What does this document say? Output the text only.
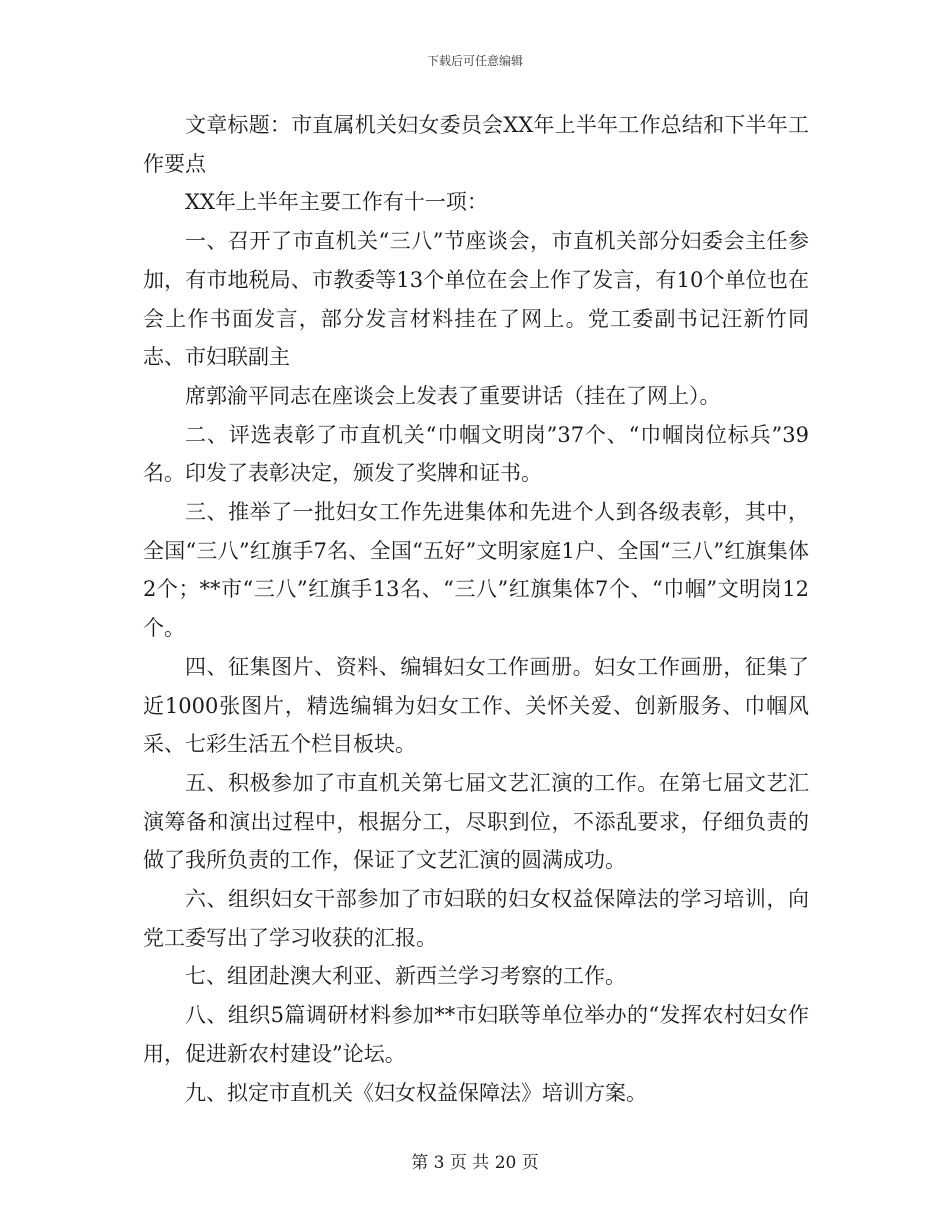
下载后可任意编辑

文章标题：市直属机关妇女委员会XX年上半年工作总结和下半年工作要点

XX年上半年主要工作有十一项：

一、召开了市直机关“三八”节座谈会，市直机关部分妇委会主任参加，有市地税局、市教委等13个单位在会上作了发言，有10个单位也在会上作书面发言，部分发言材料挂在了网上。党工委副书记汪新竹同志、市妇联副主

席郭渝平同志在座谈会上发表了重要讲话（挂在了网上）。

二、评选表彰了市直机关“巾帼文明岗”37个、“巾帼岗位标兵”39名。印发了表彰决定，颁发了奖牌和证书。

三、推举了一批妇女工作先进集体和先进个人到各级表彰，其中，全国“三八”红旗手7名、全国“五好”文明家庭1户、全国“三八”红旗集体2个；**市“三八”红旗手13名、“三八”红旗集体7个、“巾帼”文明岗12个。

四、征集图片、资料、编辑妇女工作画册。妇女工作画册，征集了近1000张图片，精选编辑为妇女工作、关怀关爱、创新服务、巾帼风采、七彩生活五个栏目板块。

五、积极参加了市直机关第七届文艺汇演的工作。在第七届文艺汇演筹备和演出过程中，根据分工，尽职到位，不添乱要求，仔细负责的做了我所负责的工作，保证了文艺汇演的圆满成功。

六、组织妇女干部参加了市妇联的妇女权益保障法的学习培训，向党工委写出了学习收获的汇报。

七、组团赴澳大利亚、新西兰学习考察的工作。

八、组织5篇调研材料参加**市妇联等单位举办的“发挥农村妇女作用，促进新农村建设”论坛。

九、拟定市直机关《妇女权益保障法》培训方案。

第 3 页 共 20 页
